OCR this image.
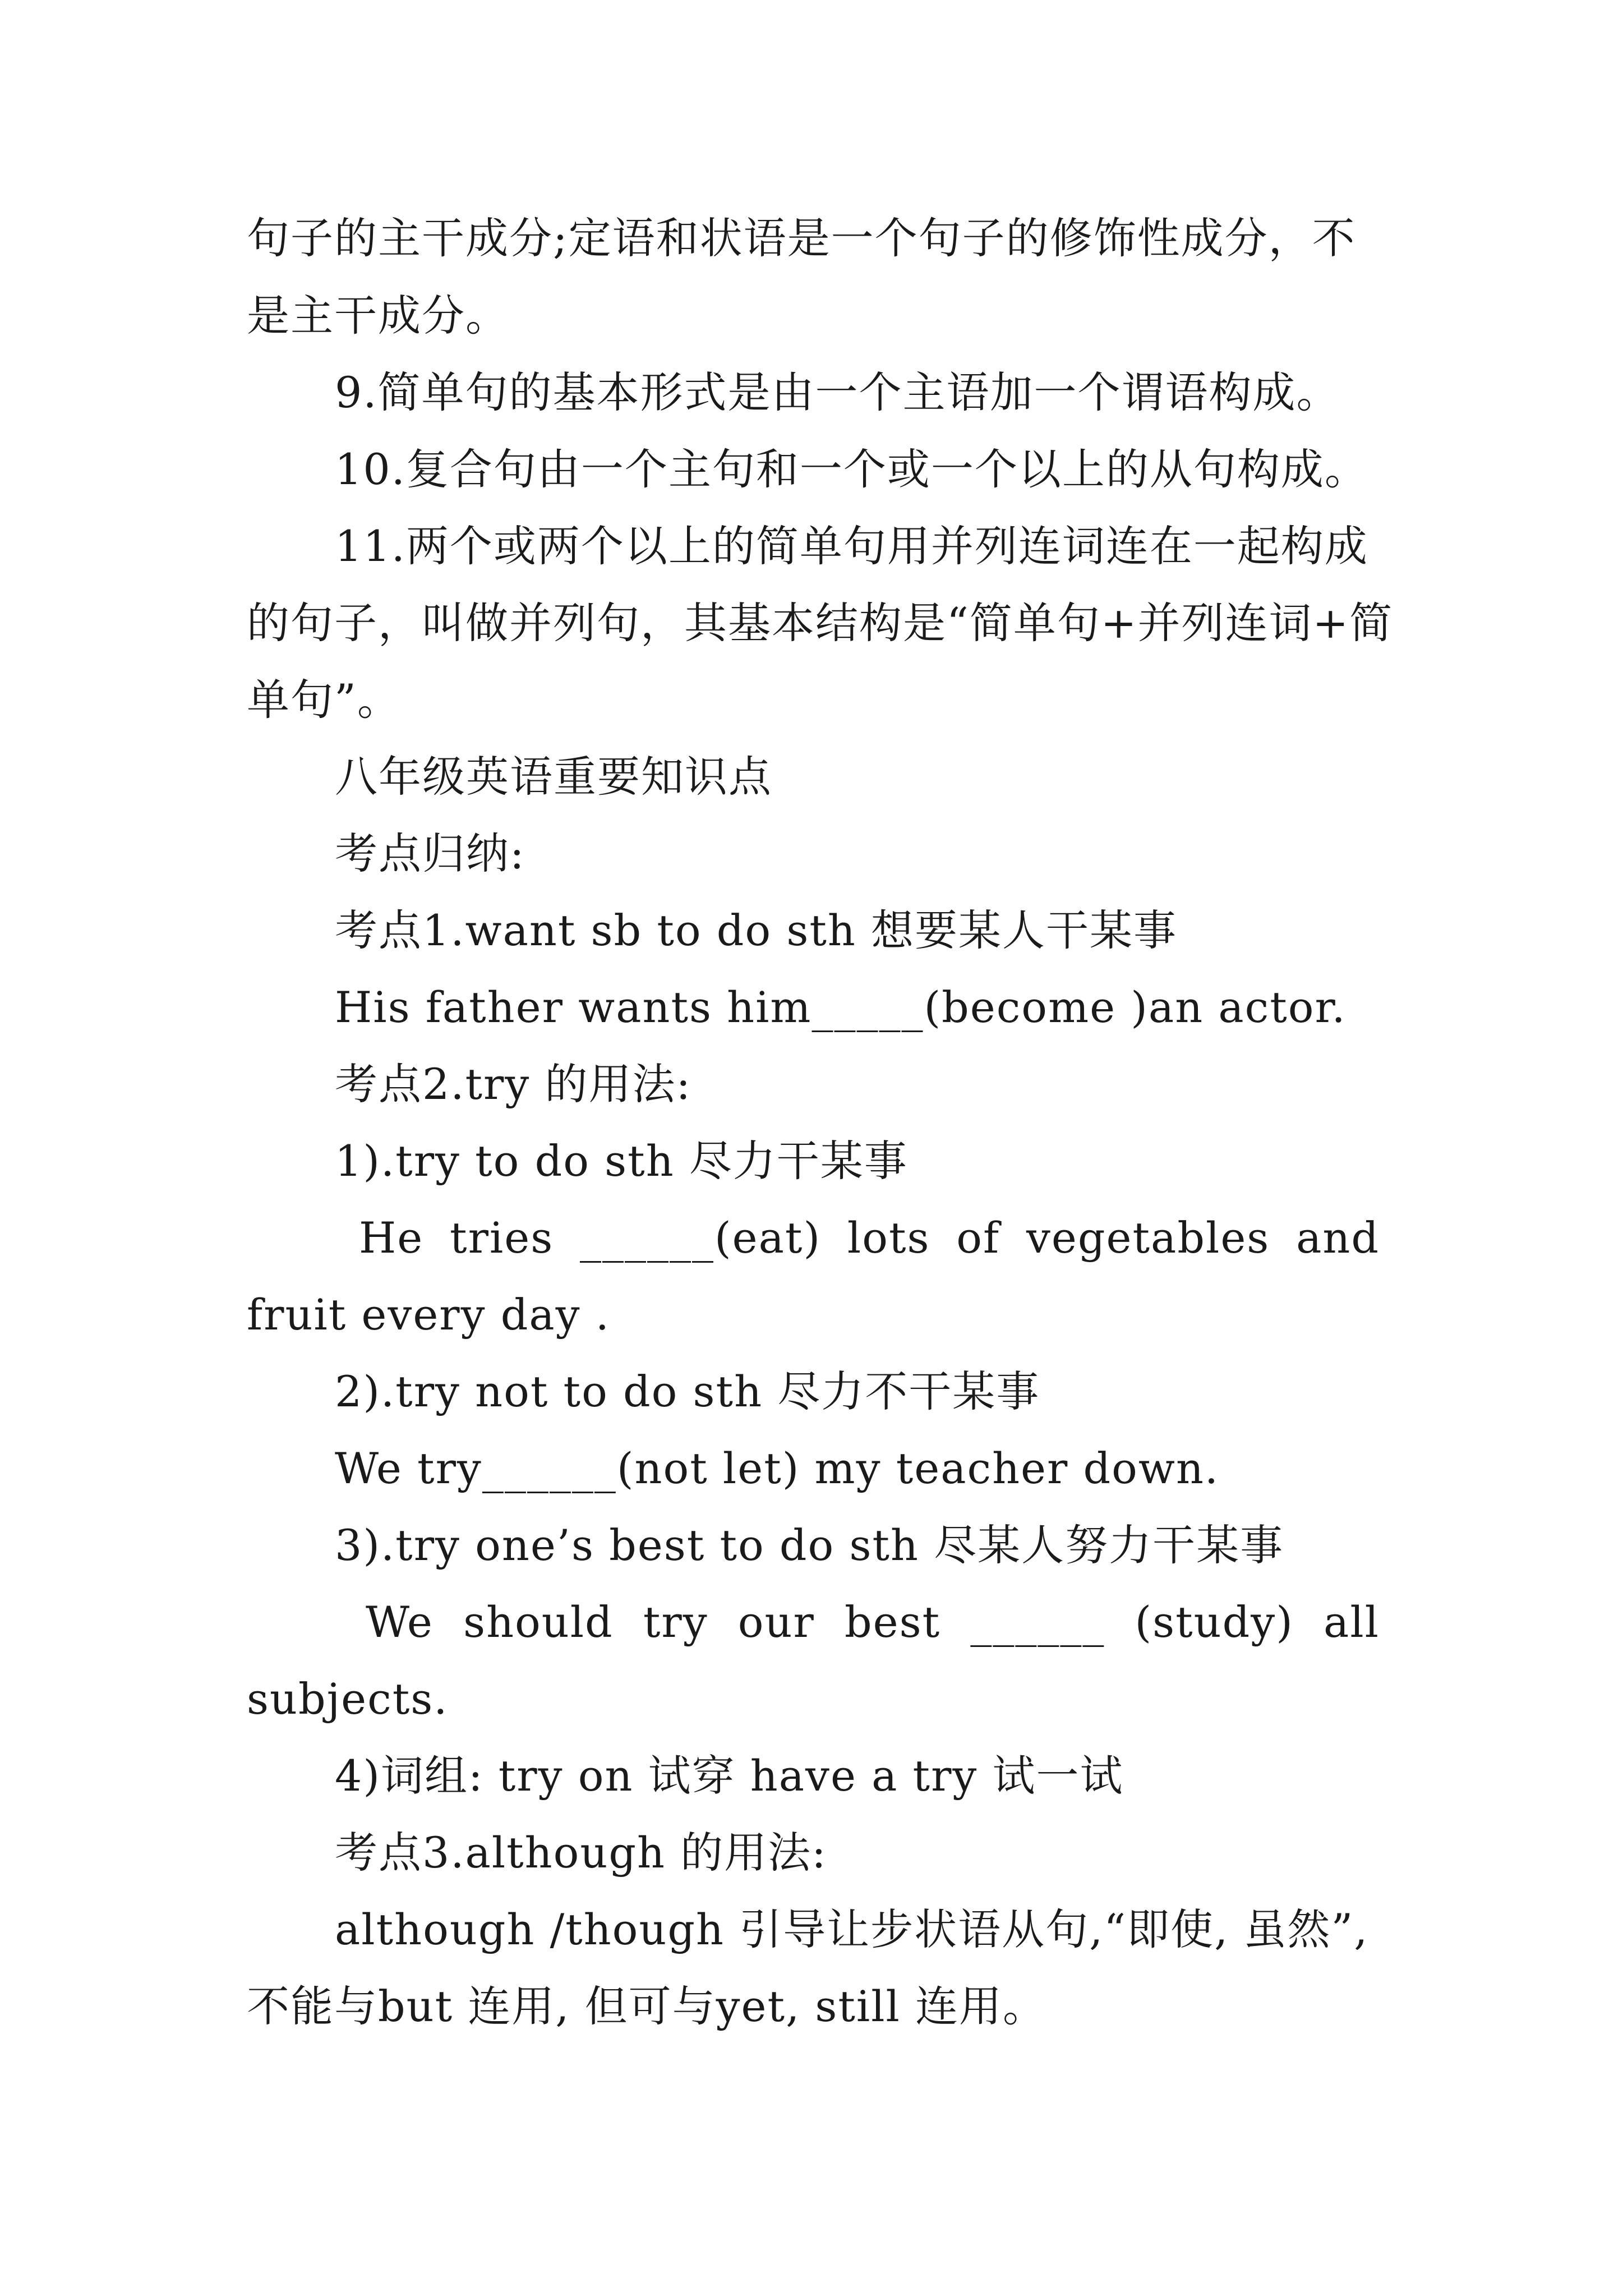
句子的主干成分;定语和状语是一个句子的修饰性成分，不
是主干成分。
9.简单句的基本形式是由一个主语加一个谓语构成。
10.复合句由一个主句和一个或一个以上的从句构成。
11.两个或两个以上的简单句用并列连词连在一起构成
的句子，叫做并列句，其基本结构是“简单句+并列连词+简
单句”。
八年级英语重要知识点
考点归纳:
考点1.want sb to do sth 想要某人干某事
His father wants him_____(become )an actor.
考点2.try 的用法:
1).try to do sth 尽力干某事
He tries ______(eat) lots of vegetables and
fruit every day .
2).try not to do sth 尽力不干某事
We try______(not let) my teacher down.
3).try one’s best to do sth 尽某人努力干某事
We should try our best ______ (study) all
subjects.
4)词组: try on 试穿 have a try 试一试
考点3.although 的用法:
although /though 引导让步状语从句,“即使, 虽然”,
不能与but 连用, 但可与yet, still 连用。
